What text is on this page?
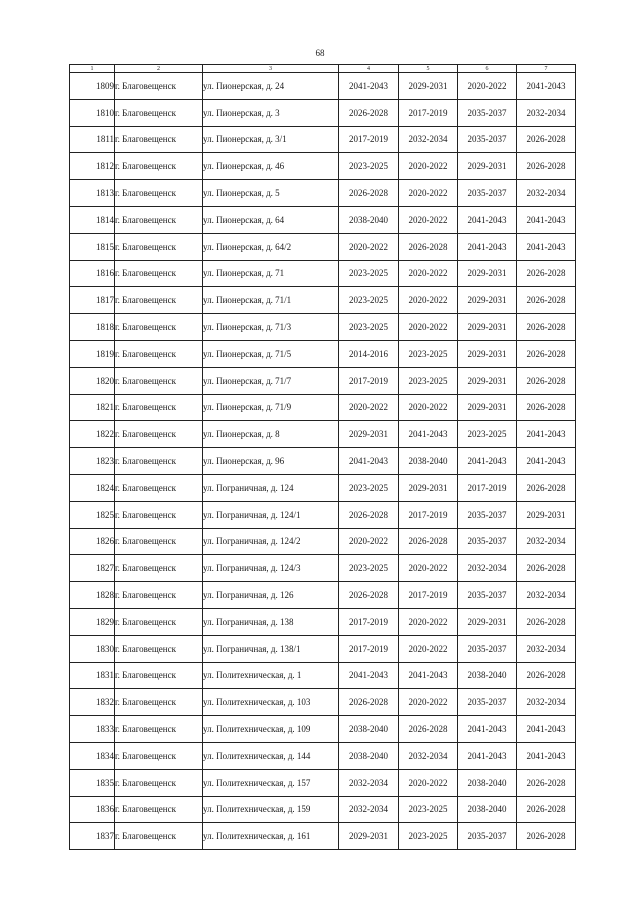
68
1	2	3	4	5	6	7
1809	г. Благовещенск	ул. Пионерская, д. 24	2041-2043	2029-2031	2020-2022	2041-2043
1810	г. Благовещенск	ул. Пионерская, д. 3	2026-2028	2017-2019	2035-2037	2032-2034
1811	г. Благовещенск	ул. Пионерская, д. 3/1	2017-2019	2032-2034	2035-2037	2026-2028
1812	г. Благовещенск	ул. Пионерская, д. 46	2023-2025	2020-2022	2029-2031	2026-2028
1813	г. Благовещенск	ул. Пионерская, д. 5	2026-2028	2020-2022	2035-2037	2032-2034
1814	г. Благовещенск	ул. Пионерская, д. 64	2038-2040	2020-2022	2041-2043	2041-2043
1815	г. Благовещенск	ул. Пионерская, д. 64/2	2020-2022	2026-2028	2041-2043	2041-2043
1816	г. Благовещенск	ул. Пионерская, д. 71	2023-2025	2020-2022	2029-2031	2026-2028
1817	г. Благовещенск	ул. Пионерская, д. 71/1	2023-2025	2020-2022	2029-2031	2026-2028
1818	г. Благовещенск	ул. Пионерская, д. 71/3	2023-2025	2020-2022	2029-2031	2026-2028
1819	г. Благовещенск	ул. Пионерская, д. 71/5	2014-2016	2023-2025	2029-2031	2026-2028
1820	г. Благовещенск	ул. Пионерская, д. 71/7	2017-2019	2023-2025	2029-2031	2026-2028
1821	г. Благовещенск	ул. Пионерская, д. 71/9	2020-2022	2020-2022	2029-2031	2026-2028
1822	г. Благовещенск	ул. Пионерская, д. 8	2029-2031	2041-2043	2023-2025	2041-2043
1823	г. Благовещенск	ул. Пионерская, д. 96	2041-2043	2038-2040	2041-2043	2041-2043
1824	г. Благовещенск	ул. Пограничная, д. 124	2023-2025	2029-2031	2017-2019	2026-2028
1825	г. Благовещенск	ул. Пограничная, д. 124/1	2026-2028	2017-2019	2035-2037	2029-2031
1826	г. Благовещенск	ул. Пограничная, д. 124/2	2020-2022	2026-2028	2035-2037	2032-2034
1827	г. Благовещенск	ул. Пограничная, д. 124/3	2023-2025	2020-2022	2032-2034	2026-2028
1828	г. Благовещенск	ул. Пограничная, д. 126	2026-2028	2017-2019	2035-2037	2032-2034
1829	г. Благовещенск	ул. Пограничная, д. 138	2017-2019	2020-2022	2029-2031	2026-2028
1830	г. Благовещенск	ул. Пограничная, д. 138/1	2017-2019	2020-2022	2035-2037	2032-2034
1831	г. Благовещенск	ул. Политехническая, д. 1	2041-2043	2041-2043	2038-2040	2026-2028
1832	г. Благовещенск	ул. Политехническая, д. 103	2026-2028	2020-2022	2035-2037	2032-2034
1833	г. Благовещенск	ул. Политехническая, д. 109	2038-2040	2026-2028	2041-2043	2041-2043
1834	г. Благовещенск	ул. Политехническая, д. 144	2038-2040	2032-2034	2041-2043	2041-2043
1835	г. Благовещенск	ул. Политехническая, д. 157	2032-2034	2020-2022	2038-2040	2026-2028
1836	г. Благовещенск	ул. Политехническая, д. 159	2032-2034	2023-2025	2038-2040	2026-2028
1837	г. Благовещенск	ул. Политехническая, д. 161	2029-2031	2023-2025	2035-2037	2026-2028
